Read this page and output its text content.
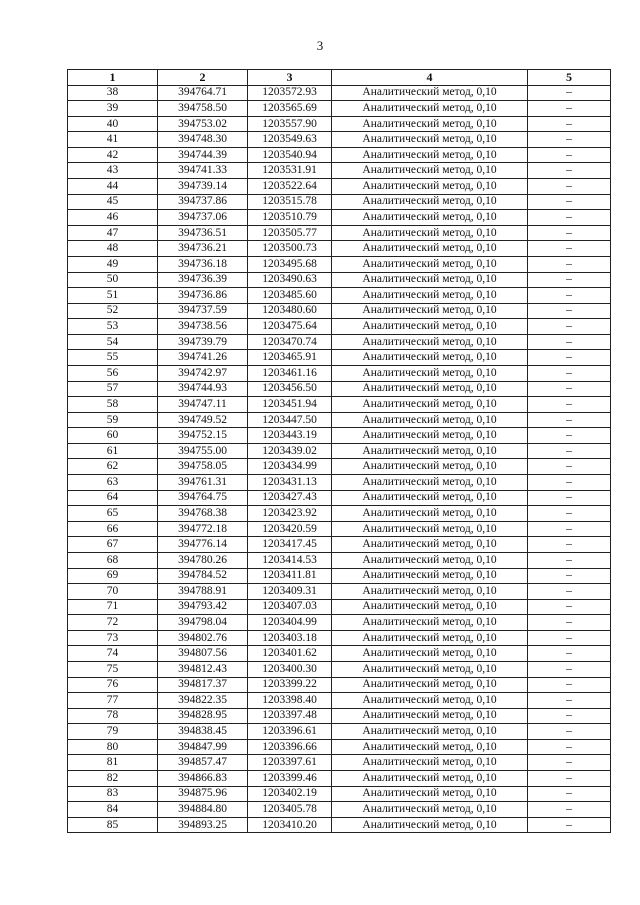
3
1	2	3	4	5
38	394764.71	1203572.93	Аналитический метод, 0,10	–
39	394758.50	1203565.69	Аналитический метод, 0,10	–
40	394753.02	1203557.90	Аналитический метод, 0,10	–
41	394748.30	1203549.63	Аналитический метод, 0,10	–
42	394744.39	1203540.94	Аналитический метод, 0,10	–
43	394741.33	1203531.91	Аналитический метод, 0,10	–
44	394739.14	1203522.64	Аналитический метод, 0,10	–
45	394737.86	1203515.78	Аналитический метод, 0,10	–
46	394737.06	1203510.79	Аналитический метод, 0,10	–
47	394736.51	1203505.77	Аналитический метод, 0,10	–
48	394736.21	1203500.73	Аналитический метод, 0,10	–
49	394736.18	1203495.68	Аналитический метод, 0,10	–
50	394736.39	1203490.63	Аналитический метод, 0,10	–
51	394736.86	1203485.60	Аналитический метод, 0,10	–
52	394737.59	1203480.60	Аналитический метод, 0,10	–
53	394738.56	1203475.64	Аналитический метод, 0,10	–
54	394739.79	1203470.74	Аналитический метод, 0,10	–
55	394741.26	1203465.91	Аналитический метод, 0,10	–
56	394742.97	1203461.16	Аналитический метод, 0,10	–
57	394744.93	1203456.50	Аналитический метод, 0,10	–
58	394747.11	1203451.94	Аналитический метод, 0,10	–
59	394749.52	1203447.50	Аналитический метод, 0,10	–
60	394752.15	1203443.19	Аналитический метод, 0,10	–
61	394755.00	1203439.02	Аналитический метод, 0,10	–
62	394758.05	1203434.99	Аналитический метод, 0,10	–
63	394761.31	1203431.13	Аналитический метод, 0,10	–
64	394764.75	1203427.43	Аналитический метод, 0,10	–
65	394768.38	1203423.92	Аналитический метод, 0,10	–
66	394772.18	1203420.59	Аналитический метод, 0,10	–
67	394776.14	1203417.45	Аналитический метод, 0,10	–
68	394780.26	1203414.53	Аналитический метод, 0,10	–
69	394784.52	1203411.81	Аналитический метод, 0,10	–
70	394788.91	1203409.31	Аналитический метод, 0,10	–
71	394793.42	1203407.03	Аналитический метод, 0,10	–
72	394798.04	1203404.99	Аналитический метод, 0,10	–
73	394802.76	1203403.18	Аналитический метод, 0,10	–
74	394807.56	1203401.62	Аналитический метод, 0,10	–
75	394812.43	1203400.30	Аналитический метод, 0,10	–
76	394817.37	1203399.22	Аналитический метод, 0,10	–
77	394822.35	1203398.40	Аналитический метод, 0,10	–
78	394828.95	1203397.48	Аналитический метод, 0,10	–
79	394838.45	1203396.61	Аналитический метод, 0,10	–
80	394847.99	1203396.66	Аналитический метод, 0,10	–
81	394857.47	1203397.61	Аналитический метод, 0,10	–
82	394866.83	1203399.46	Аналитический метод, 0,10	–
83	394875.96	1203402.19	Аналитический метод, 0,10	–
84	394884.80	1203405.78	Аналитический метод, 0,10	–
85	394893.25	1203410.20	Аналитический метод, 0,10	–
